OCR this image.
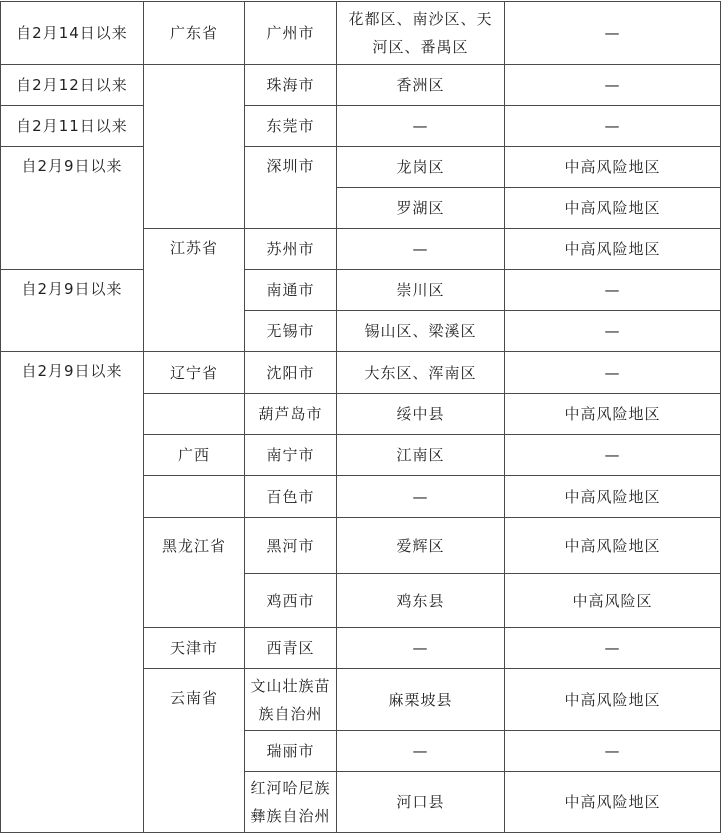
自2月14日以来	广东省	广州市	花都区、南沙区、天河区、番禺区	—
自2月12日以来		珠海市	香洲区	—
自2月11日以来		东莞市	—	—
自2月9日以来		深圳市	龙岗区	中高风险地区
			罗湖区	中高风险地区
	江苏省	苏州市	—	中高风险地区
自2月9日以来		南通市	崇川区	—
		无锡市	锡山区、梁溪区	—
自2月9日以来	辽宁省	沈阳市	大东区、浑南区	—
		葫芦岛市	绥中县	中高风险地区
	广西	南宁市	江南区	—
		百色市	—	中高风险地区
	黑龙江省	黑河市	爱辉区	中高风险地区
		鸡西市	鸡东县	中高风险区
	天津市	西青区	—	—
	云南省	文山壮族苗族自治州	麻栗坡县	中高风险地区
		瑞丽市	—	—
		红河哈尼族彝族自治州	河口县	中高风险地区
